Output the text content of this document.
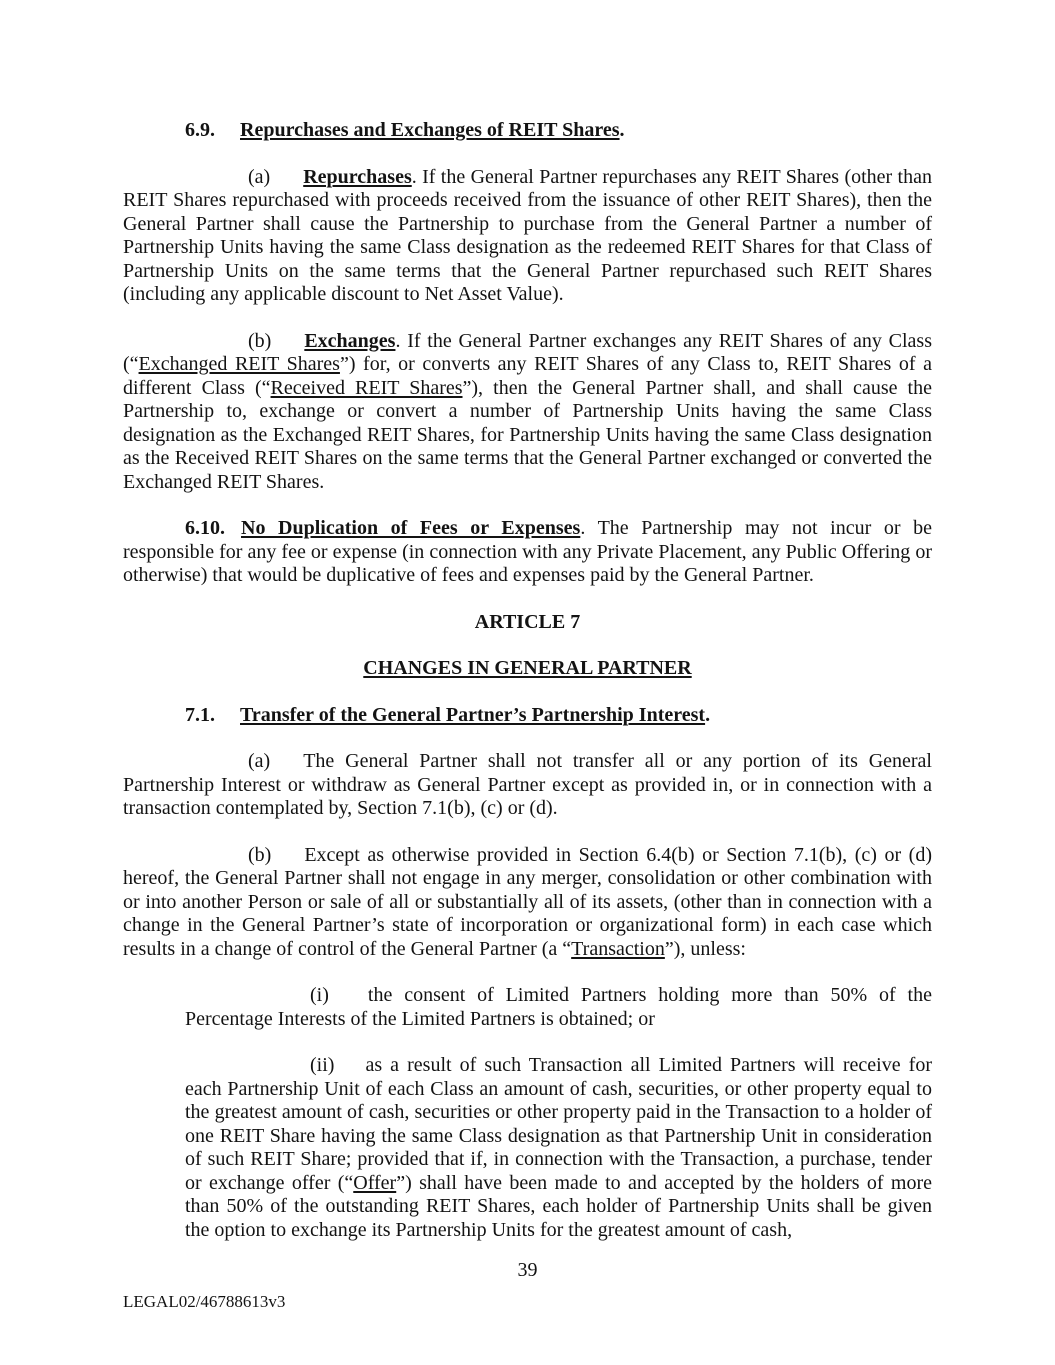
6.9. Repurchases and Exchanges of REIT Shares.

(a) Repurchases. If the General Partner repurchases any REIT Shares (other than REIT Shares repurchased with proceeds received from the issuance of other REIT Shares), then the General Partner shall cause the Partnership to purchase from the General Partner a number of Partnership Units having the same Class designation as the redeemed REIT Shares for that Class of Partnership Units on the same terms that the General Partner repurchased such REIT Shares (including any applicable discount to Net Asset Value).

(b) Exchanges. If the General Partner exchanges any REIT Shares of any Class (“Exchanged REIT Shares”) for, or converts any REIT Shares of any Class to, REIT Shares of a different Class (“Received REIT Shares”), then the General Partner shall, and shall cause the Partnership to, exchange or convert a number of Partnership Units having the same Class designation as the Exchanged REIT Shares, for Partnership Units having the same Class designation as the Received REIT Shares on the same terms that the General Partner exchanged or converted the Exchanged REIT Shares.

6.10. No Duplication of Fees or Expenses. The Partnership may not incur or be responsible for any fee or expense (in connection with any Private Placement, any Public Offering or otherwise) that would be duplicative of fees and expenses paid by the General Partner.

ARTICLE 7

CHANGES IN GENERAL PARTNER

7.1. Transfer of the General Partner’s Partnership Interest.

(a) The General Partner shall not transfer all or any portion of its General Partnership Interest or withdraw as General Partner except as provided in, or in connection with a transaction contemplated by, Section 7.1(b), (c) or (d).

(b) Except as otherwise provided in Section 6.4(b) or Section 7.1(b), (c) or (d) hereof, the General Partner shall not engage in any merger, consolidation or other combination with or into another Person or sale of all or substantially all of its assets, (other than in connection with a change in the General Partner’s state of incorporation or organizational form) in each case which results in a change of control of the General Partner (a “Transaction”), unless:

(i) the consent of Limited Partners holding more than 50% of the Percentage Interests of the Limited Partners is obtained; or

(ii) as a result of such Transaction all Limited Partners will receive for each Partnership Unit of each Class an amount of cash, securities, or other property equal to the greatest amount of cash, securities or other property paid in the Transaction to a holder of one REIT Share having the same Class designation as that Partnership Unit in consideration of such REIT Share; provided that if, in connection with the Transaction, a purchase, tender or exchange offer (“Offer”) shall have been made to and accepted by the holders of more than 50% of the outstanding REIT Shares, each holder of Partnership Units shall be given the option to exchange its Partnership Units for the greatest amount of cash,

39
LEGAL02/46788613v3
